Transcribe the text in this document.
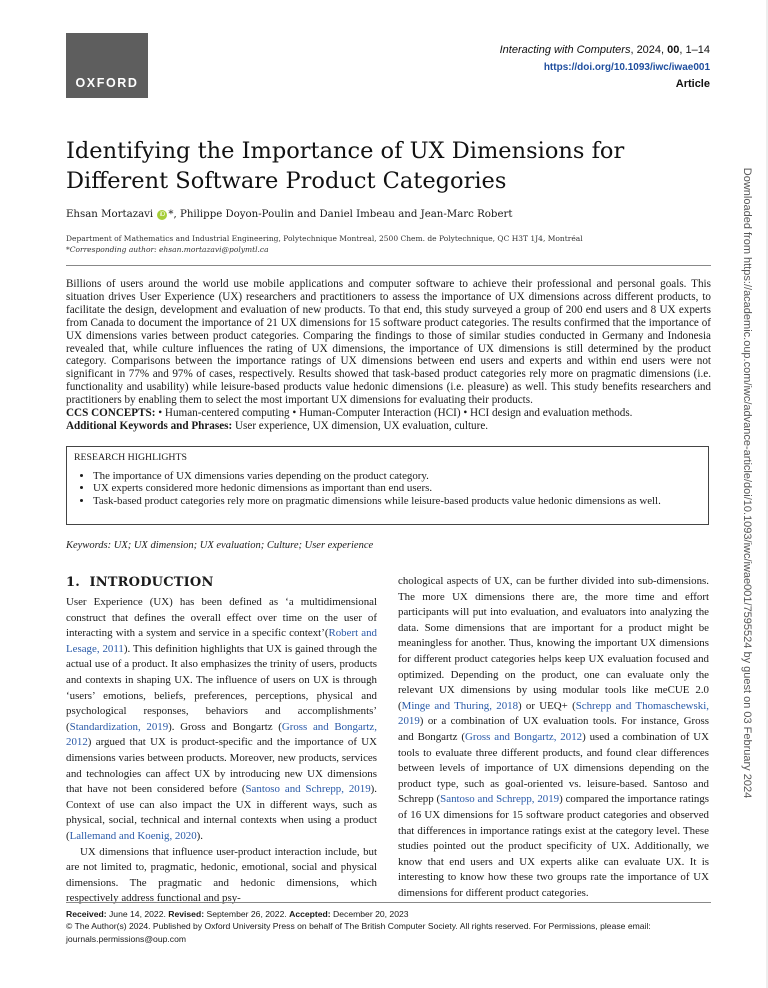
OXFORD
Interacting with Computers, 2024, 00, 1–14
https://doi.org/10.1093/iwc/iwae001
Article
Identifying the Importance of UX Dimensions for Different Software Product Categories
Ehsan Mortazavi iD *, Philippe Doyon-Poulin and Daniel Imbeau and Jean-Marc Robert
Department of Mathematics and Industrial Engineering, Polytechnique Montreal, 2500 Chem. de Polytechnique, QC H3T 1J4, Montréal
*Corresponding author: ehsan.mortazavi@polymtl.ca

Billions of users around the world use mobile applications and computer software to achieve their professional and personal goals. This situation drives User Experience (UX) researchers and practitioners to assess the importance of UX dimensions across different products, to facilitate the design, development and evaluation of new products. To that end, this study surveyed a group of 200 end users and 8 UX experts from Canada to document the importance of 21 UX dimensions for 15 software product categories. The results confirmed that the importance of UX dimensions varies between product categories. Comparing the findings to those of similar studies conducted in Germany and Indonesia revealed that, while culture influences the rating of UX dimensions, the importance of UX dimensions is still determined by the product category. Comparisons between the importance ratings of UX dimensions between end users and experts and within end users were not significant in 77% and 97% of cases, respectively. Results showed that task-based product categories rely more on pragmatic dimensions (i.e. functionality and usability) while leisure-based products value hedonic dimensions (i.e. pleasure) as well. This study benefits researchers and practitioners by enabling them to select the most important UX dimensions for evaluating their products.

CCS CONCEPTS: • Human-centered computing • Human-Computer Interaction (HCI) • HCI design and evaluation methods.

Additional Keywords and Phrases: User experience, UX dimension, UX evaluation, culture.

RESEARCH HIGHLIGHTS
• The importance of UX dimensions varies depending on the product category.
• UX experts considered more hedonic dimensions as important than end users.
• Task-based product categories rely more on pragmatic dimensions while leisure-based products value hedonic dimensions as well.
Keywords: UX; UX dimension; UX evaluation; Culture; User experience
1. INTRODUCTION

User Experience (UX) has been defined as ‘a multidimensional construct that defines the overall effect over time on the user of interacting with a system and service in a specific context’(Robert and Lesage, 2011). This definition highlights that UX is gained through the actual use of a product. It also emphasizes the trinity of users, products and contexts in shaping UX. The influence of users on UX is through ‘users’ emotions, beliefs, preferences, perceptions, physical and psychological responses, behaviors and accomplishments’ (Standardization, 2019). Gross and Bongartz (Gross and Bongartz, 2012) argued that UX is product-specific and the importance of UX dimensions varies between products. Moreover, new products, services and technologies can affect UX by introducing new UX dimensions that have not been considered before (Santoso and Schrepp, 2019). Context of use can also impact the UX in different ways, such as physical, social, technical and internal contexts when using a product (Lallemand and Koenig, 2020).

UX dimensions that influence user-product interaction include, but are not limited to, pragmatic, hedonic, emotional, social and physical dimensions. The pragmatic and hedonic dimensions, which respectively address functional and psy-

chological aspects of UX, can be further divided into sub-dimensions. The more UX dimensions there are, the more time and effort participants will put into evaluation, and evaluators into analyzing the data. Some dimensions that are important for a product might be meaningless for another. Thus, knowing the important UX dimensions for different product categories helps keep UX evaluation focused and optimized. Depending on the product, one can evaluate only the relevant UX dimensions by using modular tools like meCUE 2.0 (Minge and Thuring, 2018) or UEQ+ (Schrepp and Thomaschewski, 2019) or a combination of UX evaluation tools. For instance, Gross and Bongartz (Gross and Bongartz, 2012) used a combination of UX tools to evaluate three different products, and found clear differences between levels of importance of UX dimensions depending on the product type, such as goal-oriented vs. leisure-based. Santoso and Schrepp (Santoso and Schrepp, 2019) compared the importance ratings of 16 UX dimensions for 15 software product categories and observed that differences in importance ratings exist at the category level. These studies pointed out the product specificity of UX. Additionally, we know that end users and UX experts alike can evaluate UX. It is interesting to know how these two groups rate the importance of UX dimensions for different product categories.

Received: June 14, 2022. Revised: September 26, 2022. Accepted: December 20, 2023
© The Author(s) 2024. Published by Oxford University Press on behalf of The British Computer Society. All rights reserved. For Permissions, please email:
journals.permissions@oup.com
Downloaded from https://academic.oup.com/iwc/advance-article/doi/10.1093/iwc/iwae001/7595524 by guest on 03 February 2024
